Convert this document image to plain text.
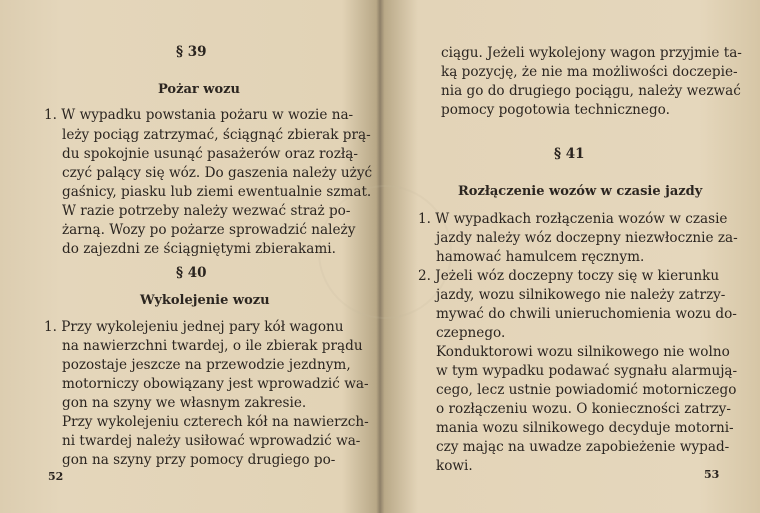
§ 39
Pożar wozu
1. W wypadku powstania pożaru w wozie na-
leży pociąg zatrzymać, ściągnąć zbierak prą-
du spokojnie usunąć pasażerów oraz rozłą-
czyć palący się wóz. Do gaszenia należy użyć
gaśnicy, piasku lub ziemi ewentualnie szmat.
W razie potrzeby należy wezwać straż po-
żarną. Wozy po pożarze sprowadzić należy
do zajezdni ze ściągniętymi zbierakami.
§ 40
Wykolejenie wozu
1. Przy wykolejeniu jednej pary kół wagonu
na nawierzchni twardej, o ile zbierak prądu
pozostaje jeszcze na przewodzie jezdnym,
motorniczy obowiązany jest wprowadzić wa-
gon na szyny we własnym zakresie.
Przy wykolejeniu czterech kół na nawierzch-
ni twardej należy usiłować wprowadzić wa-
gon na szyny przy pomocy drugiego po-
52
ciągu. Jeżeli wykolejony wagon przyjmie ta-
ką pozycję, że nie ma możliwości doczepie-
nia go do drugiego pociągu, należy wezwać
pomocy pogotowia technicznego.
§ 41
Rozłączenie wozów w czasie jazdy
1. W wypadkach rozłączenia wozów w czasie
jazdy należy wóz doczepny niezwłocznie za-
hamować hamulcem ręcznym.
2. Jeżeli wóz doczepny toczy się w kierunku
jazdy, wozu silnikowego nie należy zatrzy-
mywać do chwili unieruchomienia wozu do-
czepnego.
Konduktorowi wozu silnikowego nie wolno
w tym wypadku podawać sygnału alarmują-
cego, lecz ustnie powiadomić motorniczego
o rozłączeniu wozu. O konieczności zatrzy-
mania wozu silnikowego decyduje motorni-
czy mając na uwadze zapobieżenie wypad-
kowi.
53
